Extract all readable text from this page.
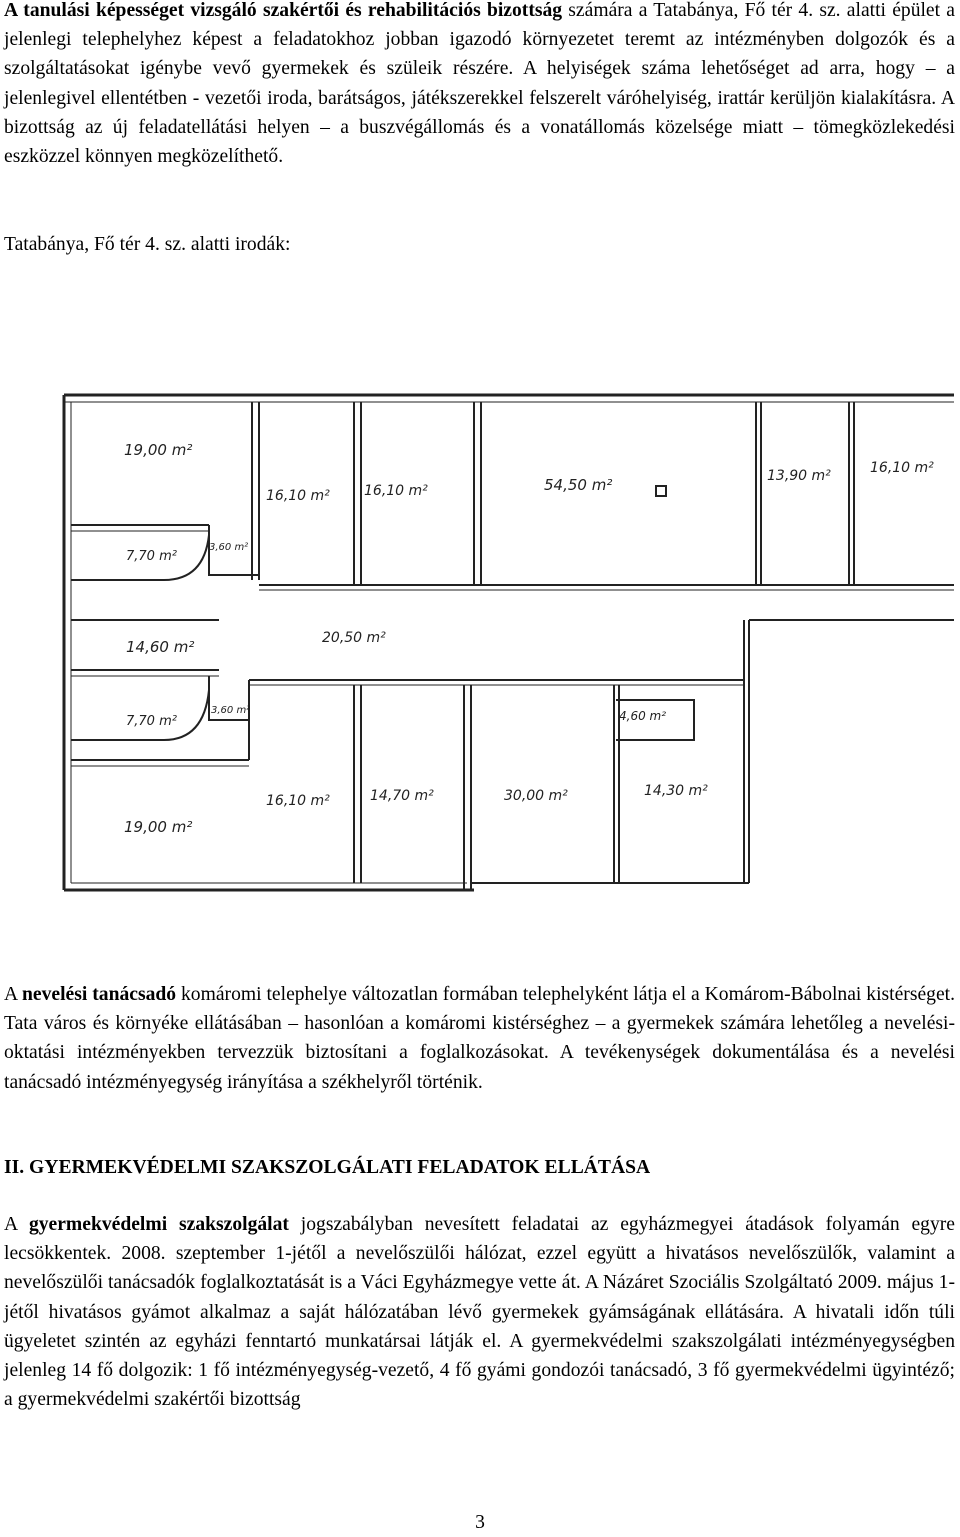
A tanulási képességet vizsgáló szakértői és rehabilitációs bizottság számára a Tatabánya, Fő tér 4. sz. alatti épület a jelenlegi telephelyhez képest a feladatokhoz jobban igazodó környezetet teremt az intézményben dolgozók és a szolgáltatásokat igénybe vevő gyermekek és szüleik részére. A helyiségek száma lehetőséget ad arra, hogy – a jelenlegivel ellentétben - vezetői iroda, barátságos, játékszerekkel felszerelt váróhelyiség, irattár kerüljön kialakításra. A bizottság az új feladatellátási helyen – a buszvégállomás és a vonatállomás közelsége miatt – tömegközlekedési eszközzel könnyen megközelíthető.

Tatabánya, Fő tér 4. sz. alatti irodák:
19,00 m²
16,10 m² 16,10 m²	54,50 m²	13,90 m²	16,10 m²
7,70 m²
3,60 m²
14,60 m²	20,50 m²
7,70 m²
3,60 m²	4,60 m²
16,10 m²	14,70 m²	30,00 m²	14,30 m²
19,00 m²

A nevelési tanácsadó komáromi telephelye változatlan formában telephelyként látja el a Komárom-Bábolnai kistérséget. Tata város és környéke ellátásában – hasonlóan a komáromi kistérséghez – a gyermekek számára lehetőleg a nevelési-oktatási intézményekben tervezzük biztosítani a foglalkozásokat. A tevékenységek dokumentálása és a nevelési tanácsadó intézményegység irányítása a székhelyről történik.

II. GYERMEKVÉDELMI SZAKSZOLGÁLATI FELADATOK ELLÁTÁSA

A gyermekvédelmi szakszolgálat jogszabályban nevesített feladatai az egyházmegyei átadások folyamán egyre lecsökkentek. 2008. szeptember 1-jétől a nevelőszülői hálózat, ezzel együtt a hivatásos nevelőszülők, valamint a nevelőszülői tanácsadók foglalkoztatását is a Váci Egyházmegye vette át. A Názáret Szociális Szolgáltató 2009. május 1-jétől hivatásos gyámot alkalmaz a saját hálózatában lévő gyermekek gyámságának ellátására. A hivatali időn túli ügyeletet szintén az egyházi fenntartó munkatársai látják el. A gyermekvédelmi szakszolgálati intézményegységben jelenleg 14 fő dolgozik: 1 fő intézményegység-vezető, 4 fő gyámi gondozói tanácsadó, 3 fő gyermekvédelmi ügyintéző; a gyermekvédelmi szakértői bizottság

3
